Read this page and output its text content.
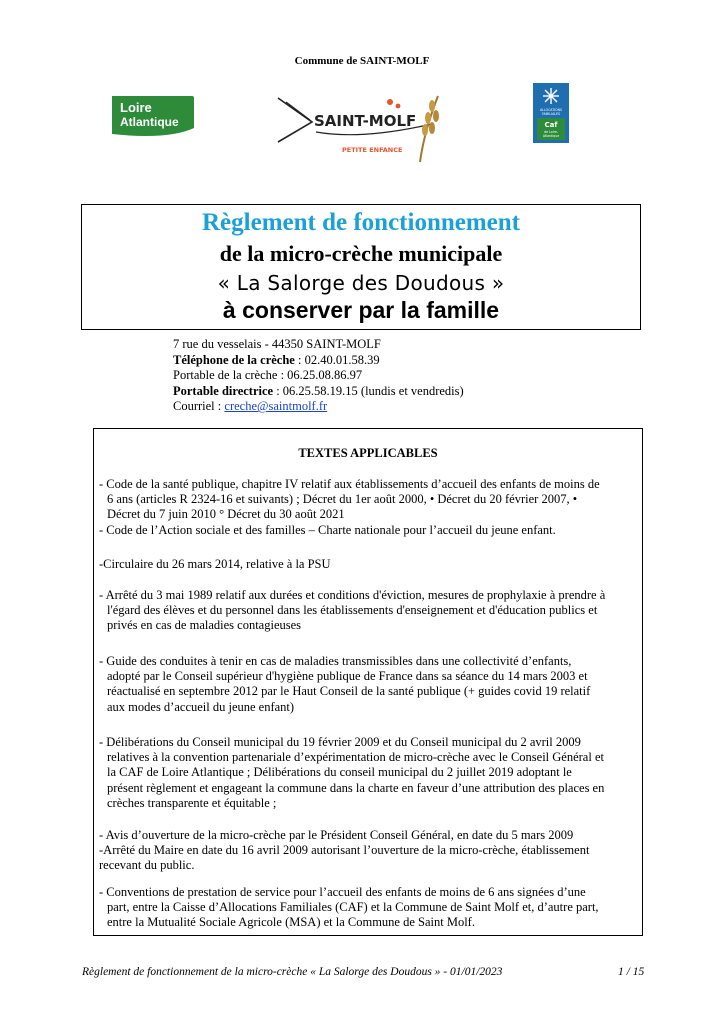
Commune de SAINT-MOLF
Loire
Atlantique	SAINT-MOLF
PETITE ENFANCE
ALLOCATIONS
FAMILIALES
Caf
de Loire-
Atlantique
Règlement de fonctionnement
de la micro-crèche municipale
« La Salorge des Doudous »
à conserver par la famille
7 rue du vesselais - 44350 SAINT-MOLF
Téléphone de la crèche : 02.40.01.58.39
Portable de la crèche : 06.25.08.86.97
Portable directrice : 06.25.58.19.15 (lundis et vendredis)
Courriel : creche@saintmolf.fr
TEXTES APPLICABLES
- Code de la santé publique, chapitre IV relatif aux établissements d’accueil des enfants de moins de
6 ans (articles R 2324-16 et suivants) ; Décret du 1er août 2000, • Décret du 20 février 2007, •
Décret du 7 juin 2010 ° Décret du 30 août 2021
- Code de l’Action sociale et des familles – Charte nationale pour l’accueil du jeune enfant.
-Circulaire du 26 mars 2014, relative à la PSU
- Arrêté du 3 mai 1989 relatif aux durées et conditions d'éviction, mesures de prophylaxie à prendre à
l'égard des élèves et du personnel dans les établissements d'enseignement et d'éducation publics et
privés en cas de maladies contagieuses
- Guide des conduites à tenir en cas de maladies transmissibles dans une collectivité d’enfants,
adopté par le Conseil supérieur d'hygiène publique de France dans sa séance du 14 mars 2003 et
réactualisé en septembre 2012 par le Haut Conseil de la santé publique (+ guides covid 19 relatif
aux modes d’accueil du jeune enfant)
- Délibérations du Conseil municipal du 19 février 2009 et du Conseil municipal du 2 avril 2009
relatives à la convention partenariale d’expérimentation de micro-crèche avec le Conseil Général et
la CAF de Loire Atlantique ; Délibérations du conseil municipal du 2 juillet 2019 adoptant le
présent règlement et engageant la commune dans la charte en faveur d’une attribution des places en
crèches transparente et équitable ;
- Avis d’ouverture de la micro-crèche par le Président Conseil Général, en date du 5 mars 2009
-Arrêté du Maire en date du 16 avril 2009 autorisant l’ouverture de la micro-crèche, établissement
recevant du public.
- Conventions de prestation de service pour l’accueil des enfants de moins de 6 ans signées d’une
part, entre la Caisse d’Allocations Familiales (CAF) et la Commune de Saint Molf et, d’autre part,
entre la Mutualité Sociale Agricole (MSA) et la Commune de Saint Molf.
Règlement de fonctionnement de la micro-crèche « La Salorge des Doudous » - 01/01/2023	1 / 15
